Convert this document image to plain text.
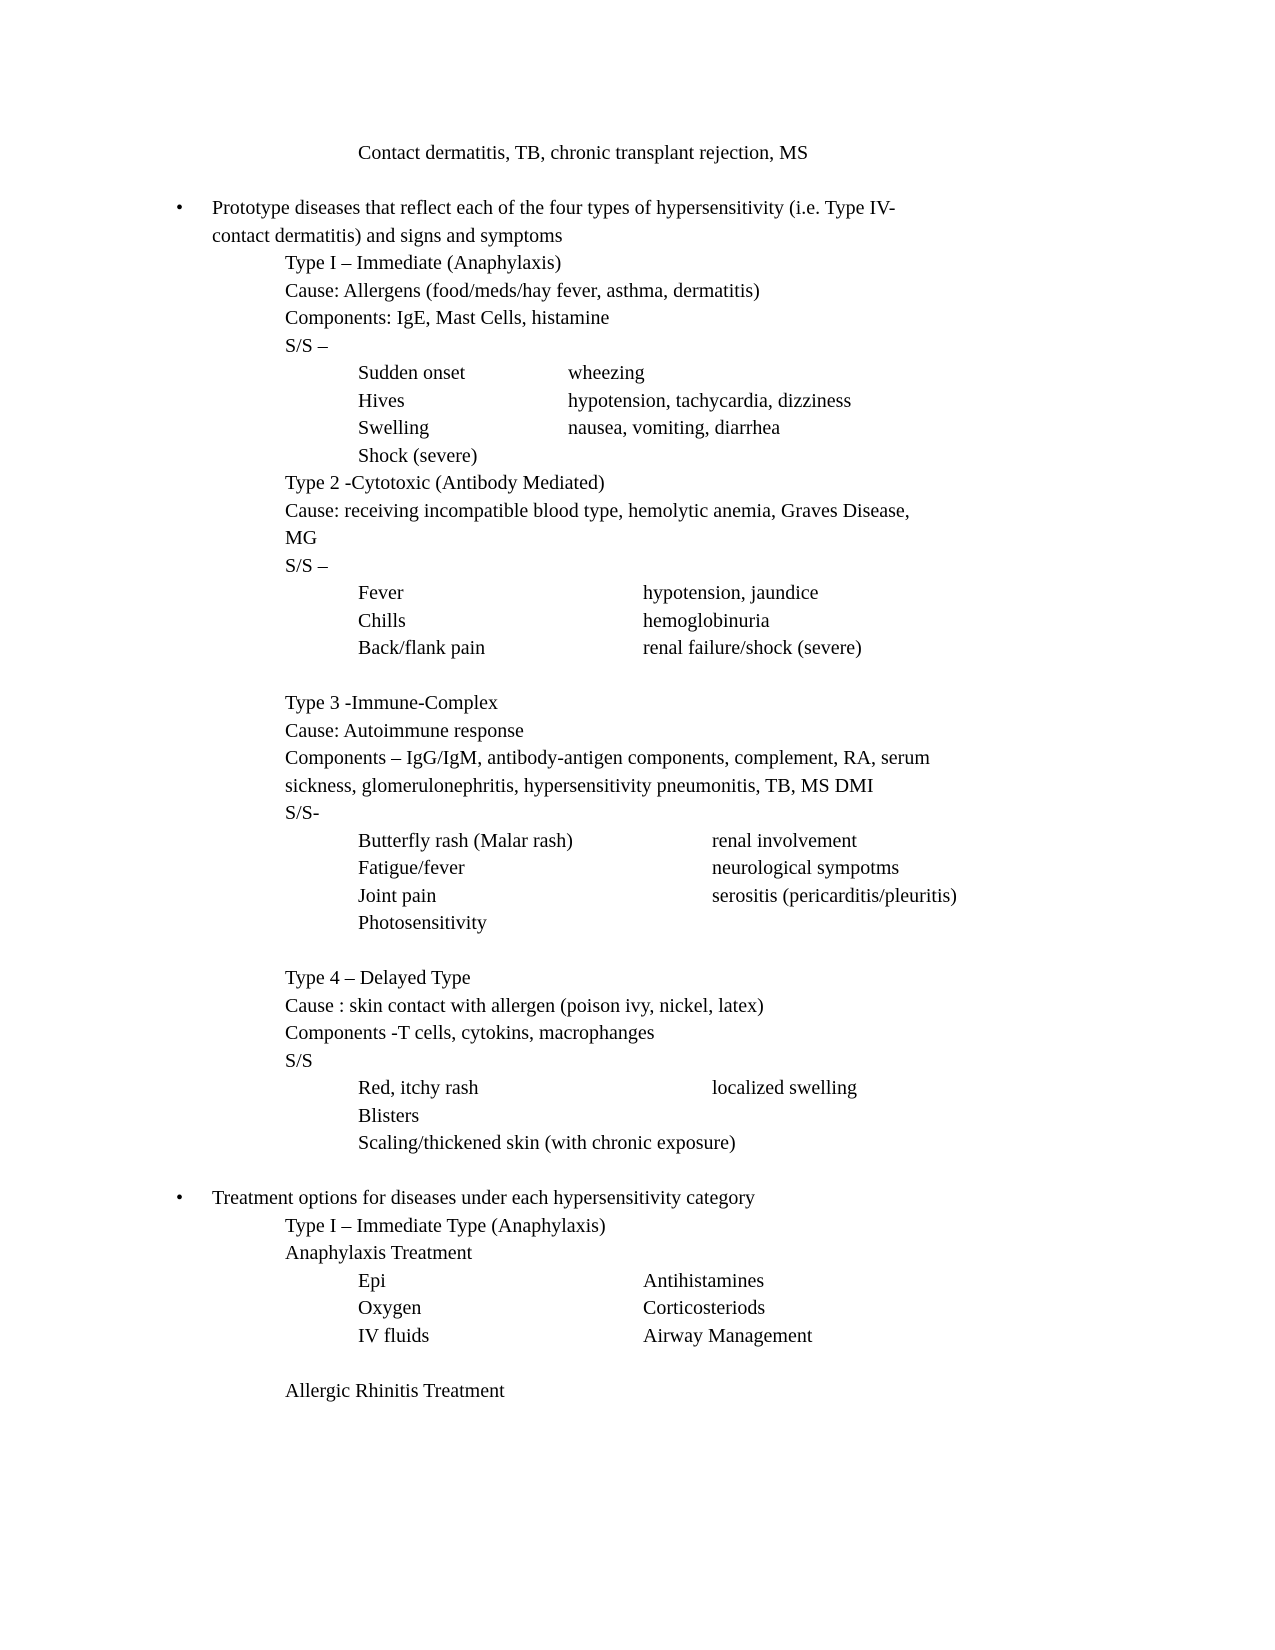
Contact dermatitis, TB, chronic transplant rejection, MS
•	Prototype diseases that reflect each of the four types of hypersensitivity (i.e. Type IV-
contact dermatitis) and signs and symptoms
Type I – Immediate (Anaphylaxis)
Cause: Allergens (food/meds/hay fever, asthma, dermatitis)
Components: IgE, Mast Cells, histamine
S/S –
Sudden onset	wheezing
Hives	hypotension, tachycardia, dizziness
Swelling	nausea, vomiting, diarrhea
Shock (severe)
Type 2 -Cytotoxic (Antibody Mediated)
Cause: receiving incompatible blood type, hemolytic anemia, Graves Disease,
MG
S/S –
Fever	hypotension, jaundice
Chills	hemoglobinuria
Back/flank pain	renal failure/shock (severe)
Type 3 -Immune-Complex
Cause: Autoimmune response
Components – IgG/IgM, antibody-antigen components, complement, RA, serum
sickness, glomerulonephritis, hypersensitivity pneumonitis, TB, MS DMI
S/S-
Butterfly rash (Malar rash)	renal involvement
Fatigue/fever	neurological sympotms
Joint pain	serositis (pericarditis/pleuritis)
Photosensitivity
Type 4 – Delayed Type
Cause : skin contact with allergen (poison ivy, nickel, latex)
Components -T cells, cytokins, macrophanges
S/S
Red, itchy rash	localized swelling
Blisters
Scaling/thickened skin (with chronic exposure)
•	Treatment options for diseases under each hypersensitivity category
Type I – Immediate Type (Anaphylaxis)
Anaphylaxis Treatment
Epi	Antihistamines
Oxygen	Corticosteriods
IV fluids	Airway Management
Allergic Rhinitis Treatment
